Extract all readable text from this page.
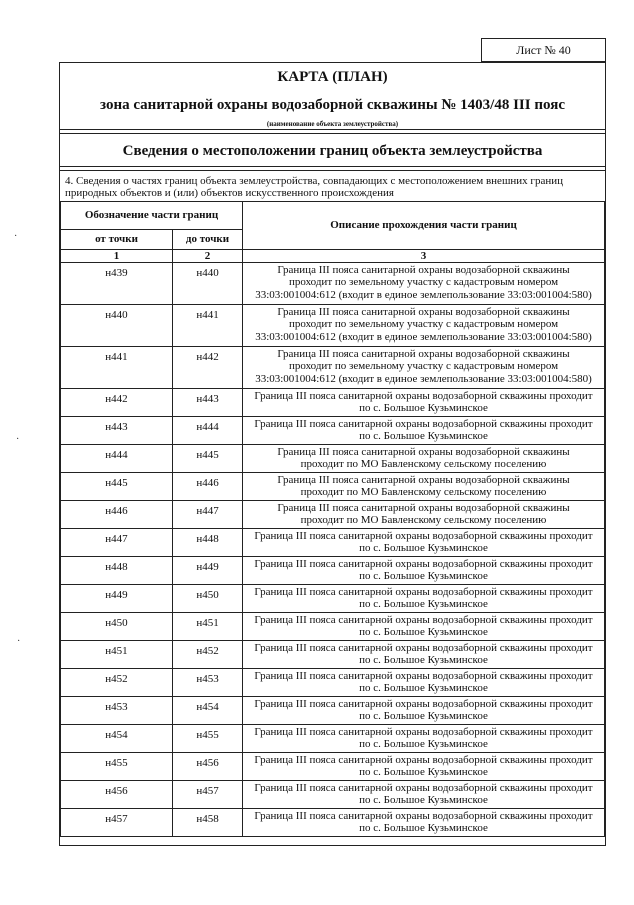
Лист № 40
КАРТА (ПЛАН)
зона санитарной охраны водозаборной скважины № 1403/48 III пояс
(наименование объекта землеустройства)
Сведения о местоположении границ объекта землеустройства
4. Сведения о частях границ объекта землеустройства, совпадающих с местоположением внешних границ природных объектов и (или) объектов искусственного происхождения
Обозначение части границ		Описание прохождения части границ
от точки	до точки	
1	2	3
н439	н440	Граница III пояса санитарной охраны водозаборной скважины
проходит по земельному участку с кадастровым номером
33:03:001004:612 (входит в единое землепользование 33:03:001004:580)

н440	н441	Граница III пояса санитарной охраны водозаборной скважины
проходит по земельному участку с кадастровым номером
33:03:001004:612 (входит в единое землепользование 33:03:001004:580)

н441	н442	Граница III пояса санитарной охраны водозаборной скважины
проходит по земельному участку с кадастровым номером
33:03:001004:612 (входит в единое землепользование 33:03:001004:580)

н442	н443	Граница III пояса санитарной охраны водозаборной скважины проходит
по с. Большое Кузьминское

н443	н444	Граница III пояса санитарной охраны водозаборной скважины проходит
по с. Большое Кузьминское

н444	н445	Граница III пояса санитарной охраны водозаборной скважины
проходит по МО Бавленскому сельскому поселению

н445	н446	Граница III пояса санитарной охраны водозаборной скважины
проходит по МО Бавленскому сельскому поселению

н446	н447	Граница III пояса санитарной охраны водозаборной скважины
проходит по МО Бавленскому сельскому поселению

н447	н448	Граница III пояса санитарной охраны водозаборной скважины проходит
по с. Большое Кузьминское

н448	н449	Граница III пояса санитарной охраны водозаборной скважины проходит
по с. Большое Кузьминское

н449	н450	Граница III пояса санитарной охраны водозаборной скважины проходит
по с. Большое Кузьминское

н450	н451	Граница III пояса санитарной охраны водозаборной скважины проходит
по с. Большое Кузьминское

н451	н452	Граница III пояса санитарной охраны водозаборной скважины проходит
по с. Большое Кузьминское

н452	н453	Граница III пояса санитарной охраны водозаборной скважины проходит
по с. Большое Кузьминское

н453	н454	Граница III пояса санитарной охраны водозаборной скважины проходит
по с. Большое Кузьминское

н454	н455	Граница III пояса санитарной охраны водозаборной скважины проходит
по с. Большое Кузьминское

н455	н456	Граница III пояса санитарной охраны водозаборной скважины проходит
по с. Большое Кузьминское

н456	н457	Граница III пояса санитарной охраны водозаборной скважины проходит
по с. Большое Кузьминское

н457	н458	Граница III пояса санитарной охраны водозаборной скважины проходит
по с. Большое Кузьминское
·
·
·
